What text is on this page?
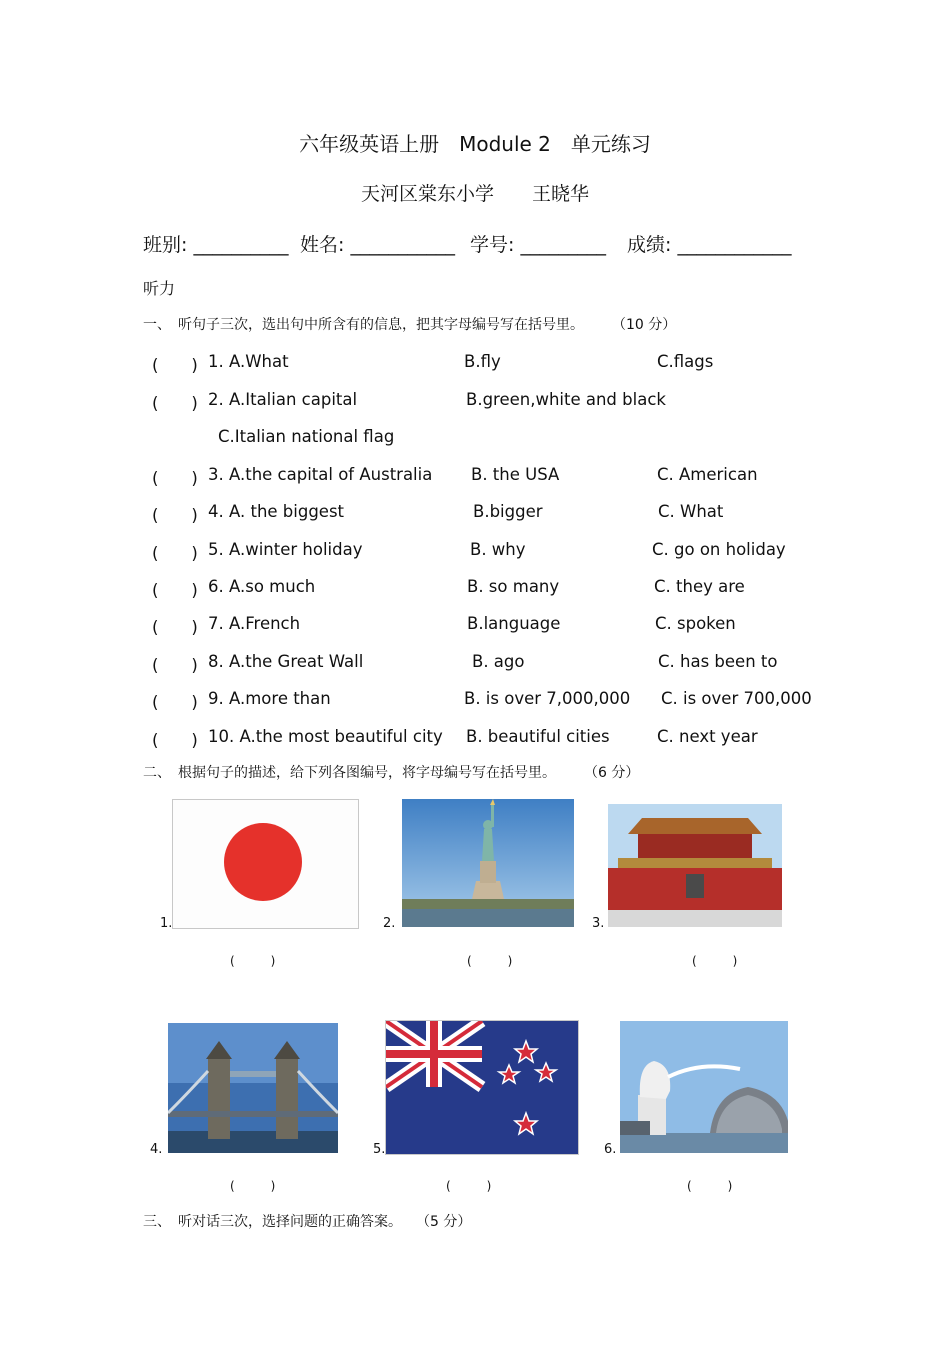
六年级英语上册　Module 2　单元练习
天河区棠东小学　　王晓华
班别: __________ 姓名: ___________ 学号: _________ 成绩: ____________
听力
一、　听句子三次，选出句中所含有的信息，把其字母编号写在括号里。　　　（10 分）
(　　) 1. A.What	B.fly	C.flags
(　　) 2. A.Italian capital	B.green,white and black
C.Italian national flag
(　　) 3. A.the capital of Australia B. the USA	C. American
(　　) 4. A. the biggest	B.bigger	C. What
(　　) 5. A.winter holiday	B. why	C. go on holiday
(　　) 6. A.so much	B. so many	C. they are
(　　) 7. A.French	B.language	C. spoken
(　　) 8. A.the Great Wall	B. ago	C. has been to
(　　) 9. A.more than	B. is over 7,000,000 C. is over 700,000
(　　) 10. A.the most beautiful city B. beautiful cities	C. next year
二、　根据句子的描述，给下列各图编号，将字母编号写在括号里。　　　（6 分）
1.
(　　　)
2.
(　　　)
3.
(　　　)
4.
(　　　)
5.
(　　　)
6.
(　　　)
三、　听对话三次，选择问题的正确答案。　　（5 分）
